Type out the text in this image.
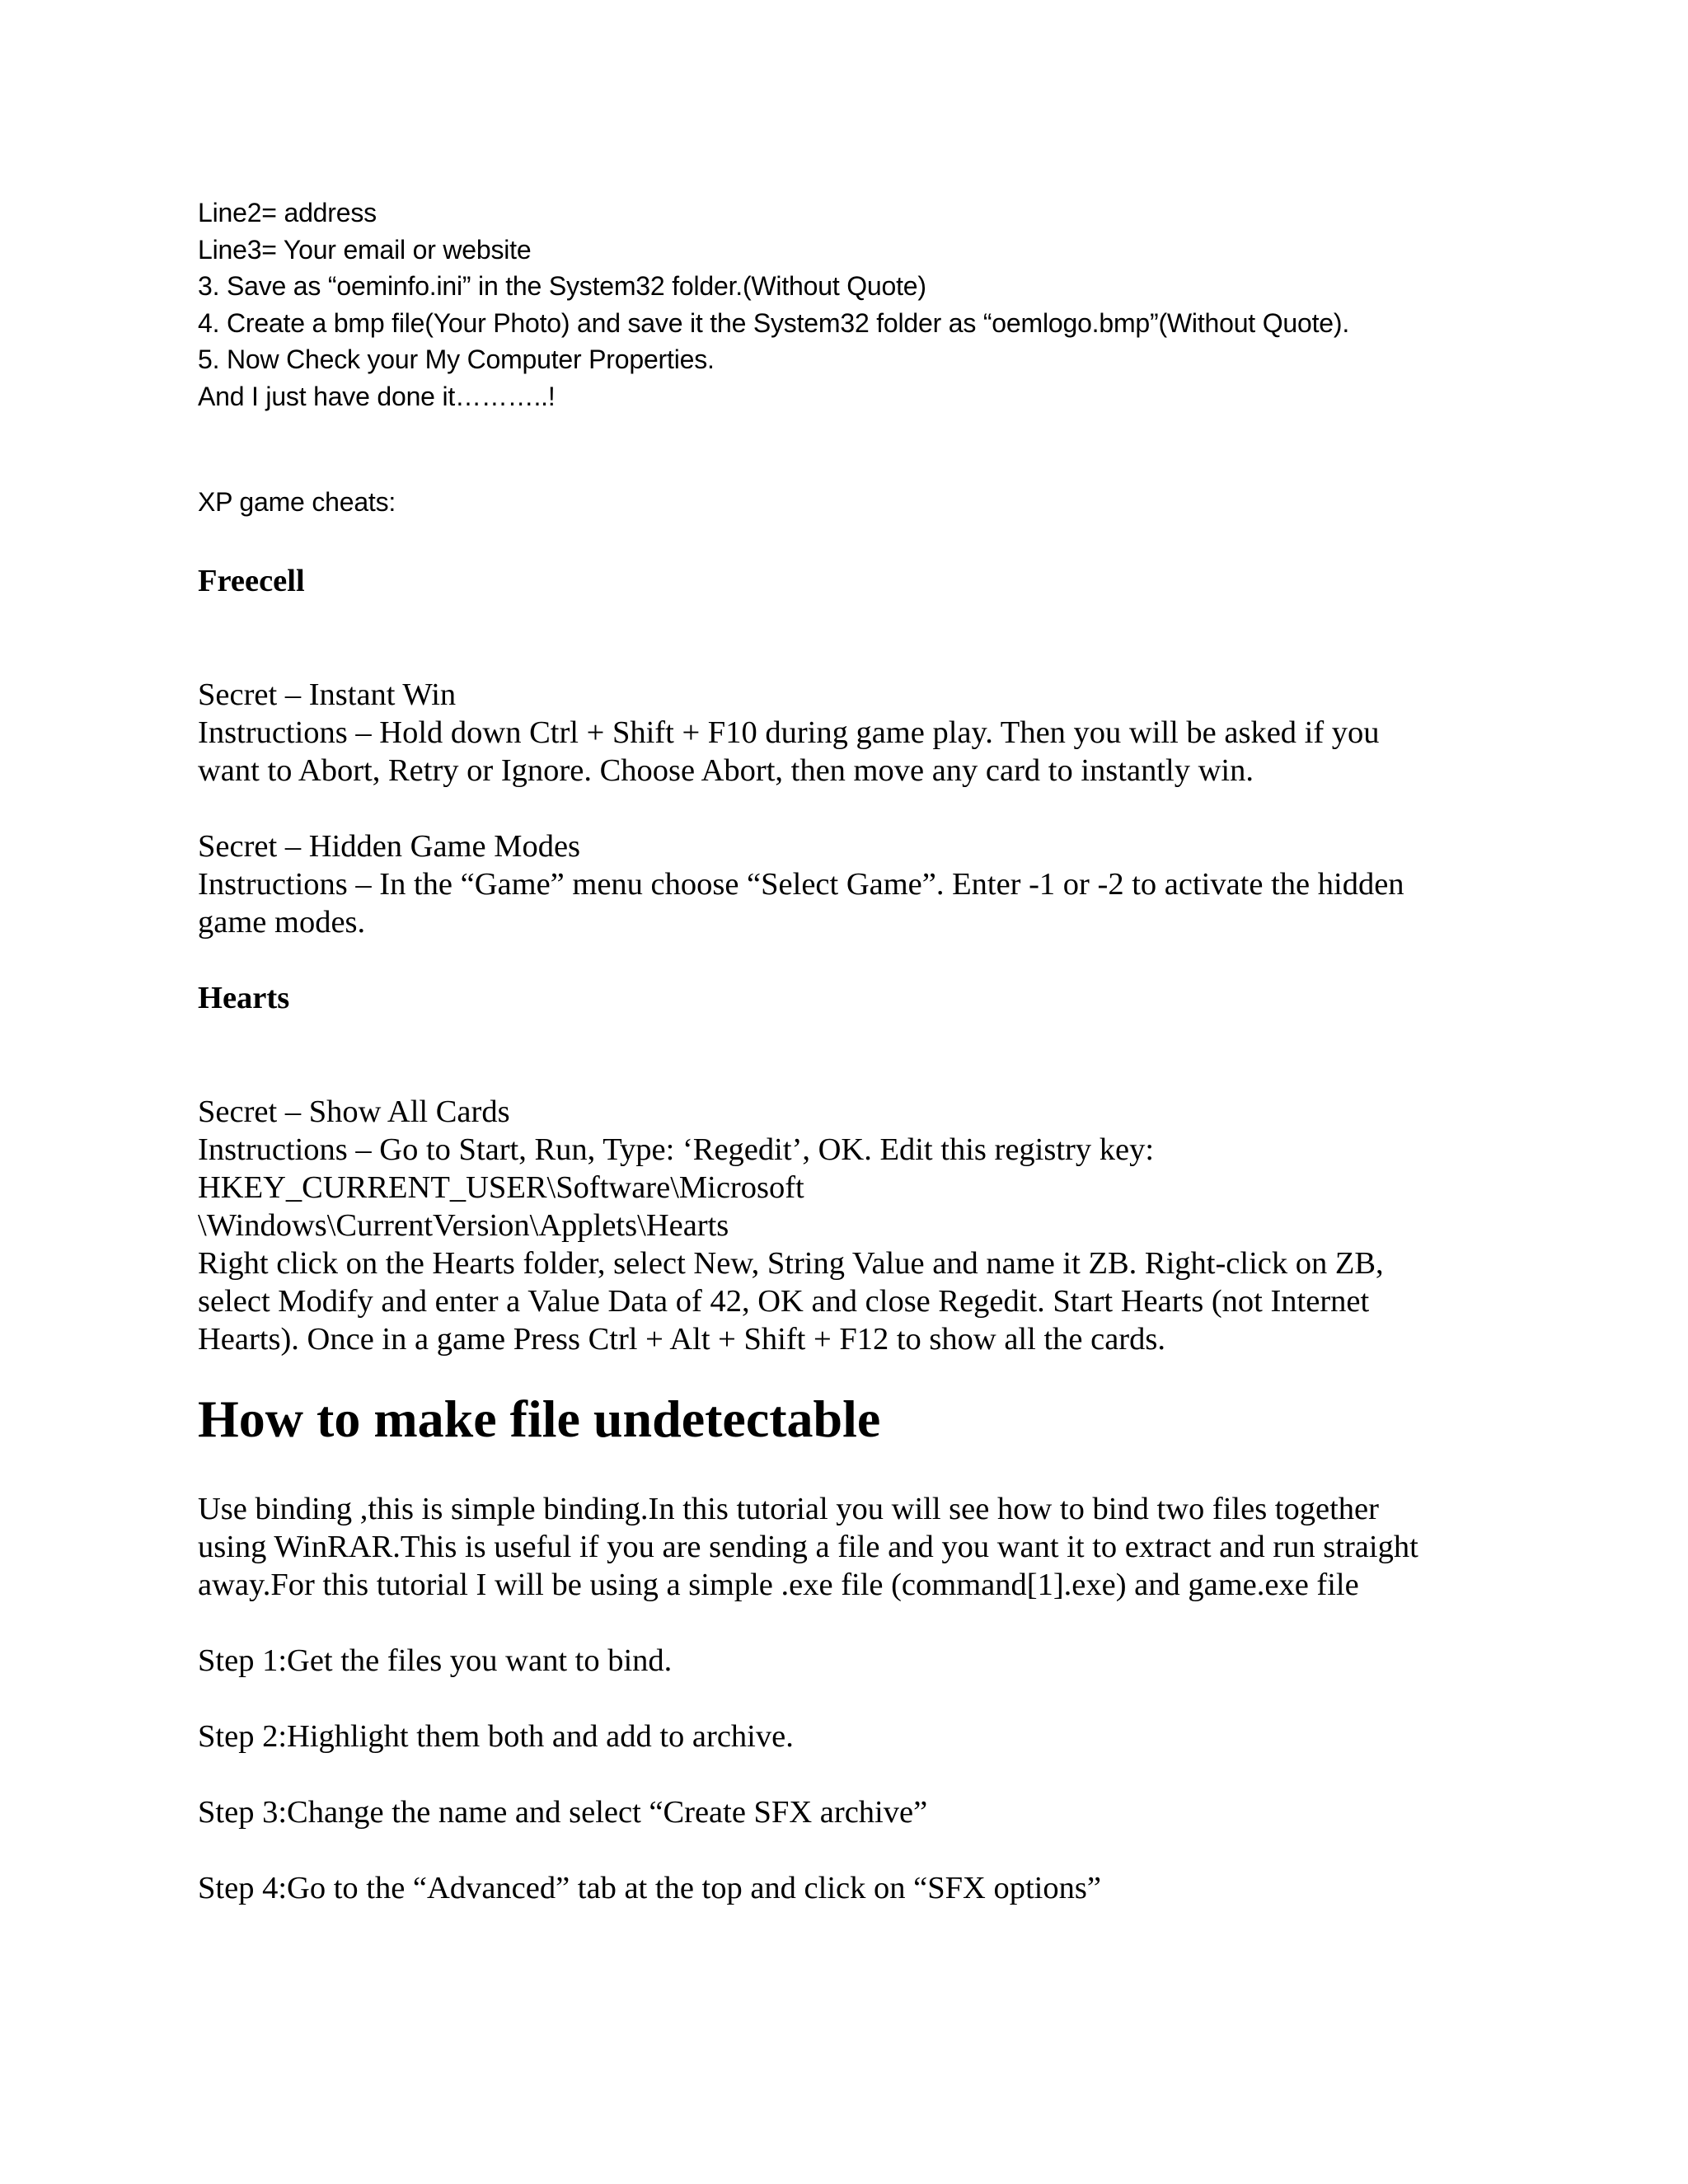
Line2= address
Line3= Your email or website
3. Save as “oeminfo.ini” in the System32 folder.(Without Quote)
4. Create a bmp file(Your Photo) and save it the System32 folder as “oemlogo.bmp”(Without Quote).
5. Now Check your My Computer Properties.
And I just have done it………..!
XP game cheats:
Freecell
Secret – Instant Win
Instructions – Hold down Ctrl + Shift + F10 during game play. Then you will be asked if you
want to Abort, Retry or Ignore. Choose Abort, then move any card to instantly win.
Secret – Hidden Game Modes
Instructions – In the “Game” menu choose “Select Game”. Enter -1 or -2 to activate the hidden
game modes.
Hearts
Secret – Show All Cards
Instructions – Go to Start, Run, Type: ‘Regedit’, OK. Edit this registry key:
HKEY_CURRENT_USER\Software\Microsoft
\Windows\CurrentVersion\Applets\Hearts
Right click on the Hearts folder, select New, String Value and name it ZB. Right-click on ZB,
select Modify and enter a Value Data of 42, OK and close Regedit. Start Hearts (not Internet
Hearts). Once in a game Press Ctrl + Alt + Shift + F12 to show all the cards.
How to make file undetectable
Use binding ,this is simple binding.In this tutorial you will see how to bind two files together
using WinRAR.This is useful if you are sending a file and you want it to extract and run straight
away.For this tutorial I will be using a simple .exe file (command[1].exe) and game.exe file
Step 1:Get the files you want to bind.
Step 2:Highlight them both and add to archive.
Step 3:Change the name and select “Create SFX archive”
Step 4:Go to the “Advanced” tab at the top and click on “SFX options”
